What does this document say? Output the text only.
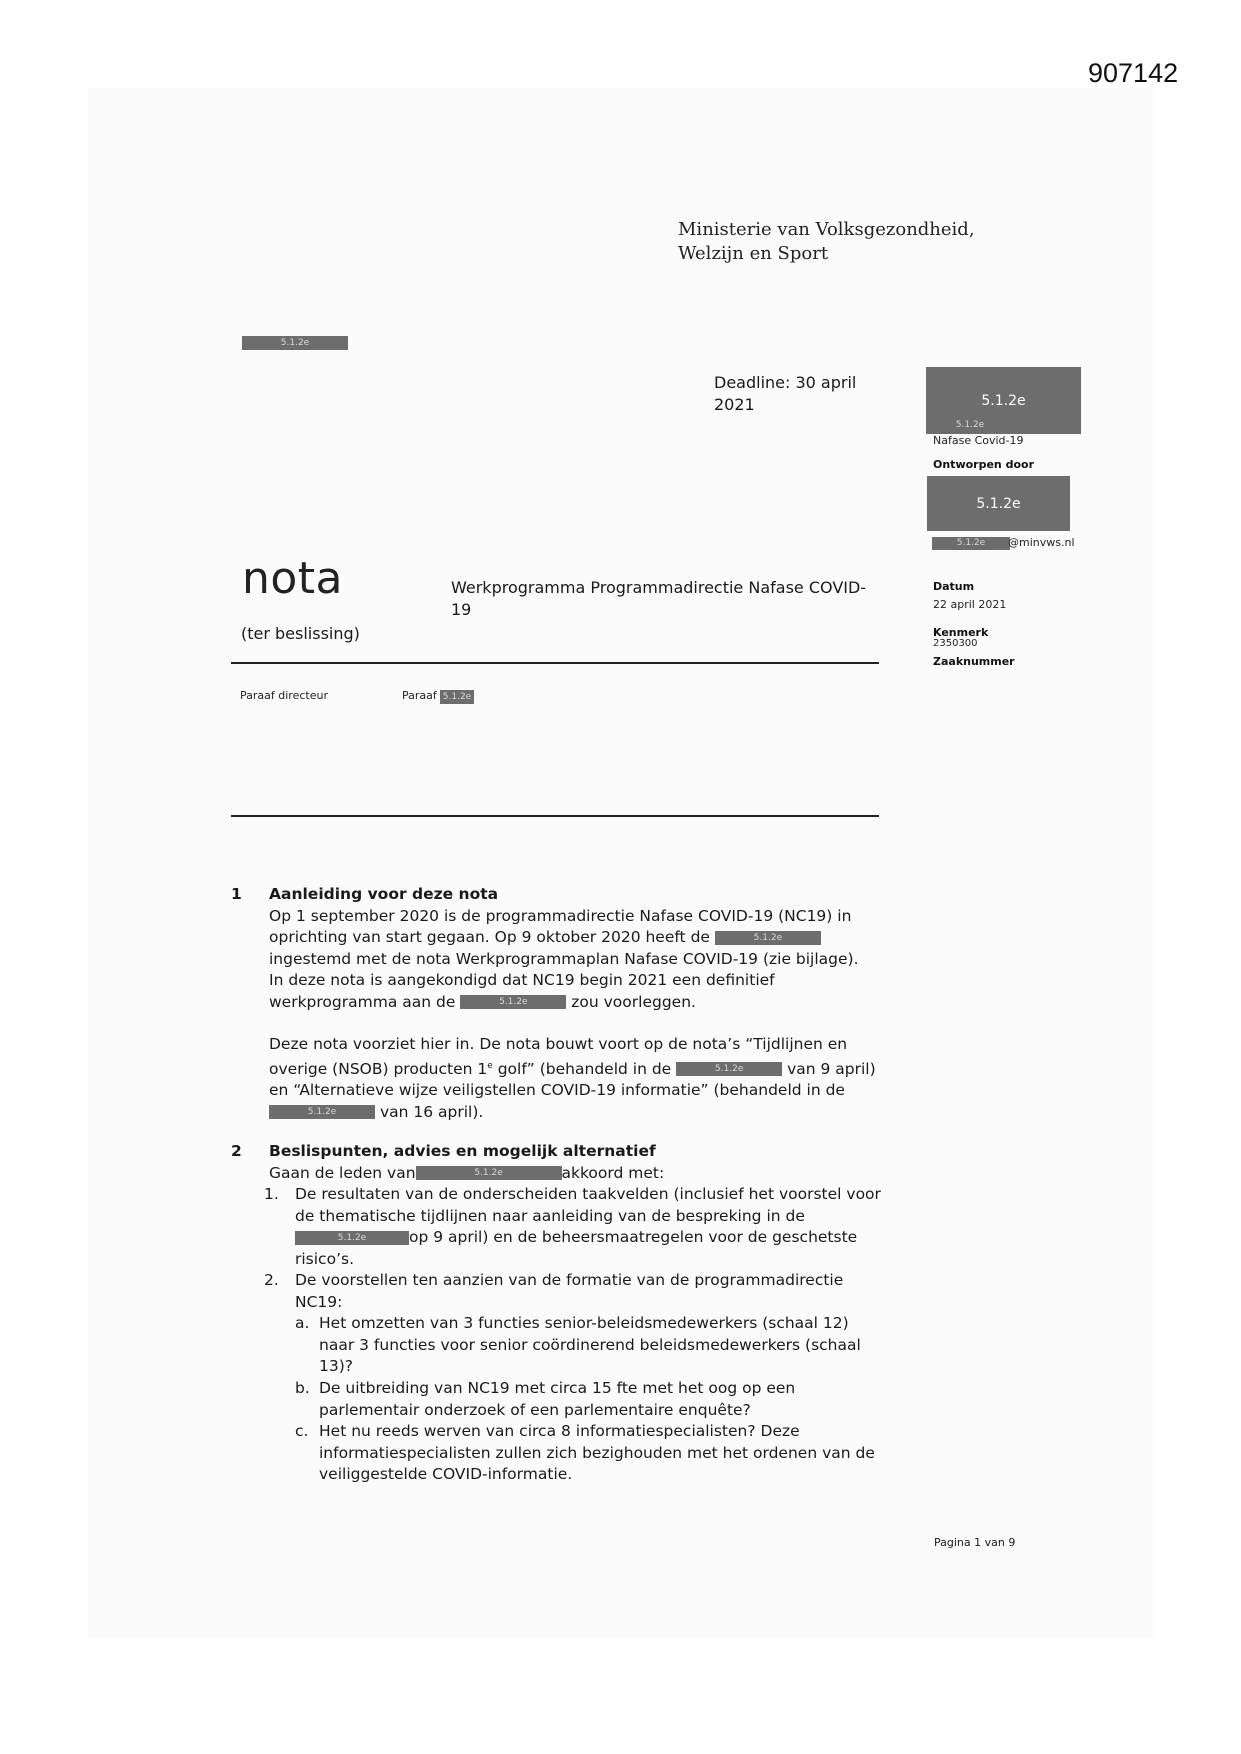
907142
Ministerie van Volksgezondheid,
Welzijn en Sport
5.1.2e
Deadline: 30 april
2021	5.1.2e
5.1.2e
Nafase Covid-19
Ontworpen door
5.1.2e
5.1.2e	@minvws.nl
Datum
22 april 2021
Kenmerk
2350300
Zaaknummer
nota
(ter beslissing)
Werkprogramma Programmadirectie Nafase COVID-
19
Paraaf directeur	Paraaf 5.1.2e
1 Aanleiding voor deze nota
Op 1 september 2020 is de programmadirectie Nafase COVID-19 (NC19) in
oprichting van start gegaan. Op 9 oktober 2020 heeft de	5.1.2e
ingestemd met de nota Werkprogrammaplan Nafase COVID-19 (zie bijlage).
In deze nota is aangekondigd dat NC19 begin 2021 een definitief
werkprogramma aan de	5.1.2e	zou voorleggen.
Deze nota voorziet hier in. De nota bouwt voort op de nota’s “Tijdlijnen en
overige (NSOB) producten 1e golf” (behandeld in de	5.1.2e	van 9 april)
en “Alternatieve wijze veiligstellen COVID-19 informatie” (behandeld in de
5.1.2e	van 16 april).
2 Beslispunten, advies en mogelijk alternatief
Gaan de leden van	5.1.2e	akkoord met:
1. De resultaten van de onderscheiden taakvelden (inclusief het voorstel voor
de thematische tijdlijnen naar aanleiding van de bespreking in de
5.1.2e	op 9 april) en de beheersmaatregelen voor de geschetste
risico’s.
2. De voorstellen ten aanzien van de formatie van de programmadirectie
NC19:
a. Het omzetten van 3 functies senior-beleidsmedewerkers (schaal 12)
naar 3 functies voor senior coördinerend beleidsmedewerkers (schaal
13)?
b. De uitbreiding van NC19 met circa 15 fte met het oog op een
parlementair onderzoek of een parlementaire enquête?
c. Het nu reeds werven van circa 8 informatiespecialisten? Deze
informatiespecialisten zullen zich bezighouden met het ordenen van de
veiliggestelde COVID-informatie.
Pagina 1 van 9
